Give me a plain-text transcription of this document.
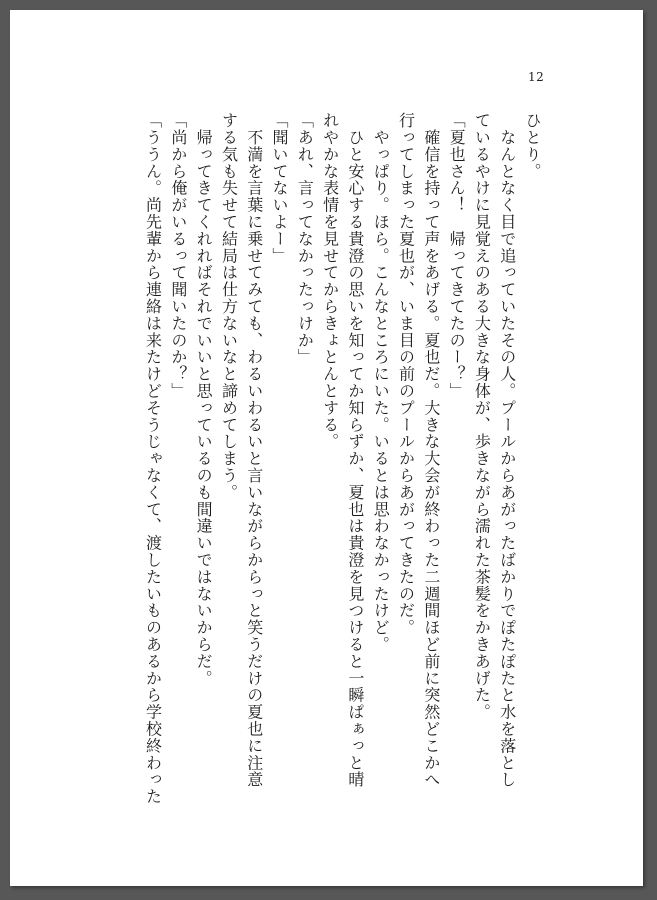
12
ひとり。
　なんとなく目で追っていたその人。プールからあがったばかりでぽたぽたと水を落とし
ているやけに見覚えのある大きな身体が、歩きながら濡れた茶髪をかきあげた。
「夏也さん！　帰ってきてたのー？」
　確信を持って声をあげる。夏也だ。大きな大会が終わった二週間ほど前に突然どこかへ
行ってしまった夏也が、いま目の前のプールからあがってきたのだ。
　やっぱり。ほら。こんなところにいた。いるとは思わなかったけど。
　ひと安心する貴澄の思いを知ってか知らずか、夏也は貴澄を見つけると一瞬ぱぁっと晴
れやかな表情を見せてからきょとんとする。
「あれ、言ってなかったっけか」
「聞いてないよー」
　不満を言葉に乗せてみても、わるいわるいと言いながらからっと笑うだけの夏也に注意
する気も失せて結局は仕方ないなと諦めてしまう。
　帰ってきてくれればそれでいいと思っているのも間違いではないからだ。
「尚から俺がいるって聞いたのか？」
「ううん。尚先輩から連絡は来たけどそうじゃなくて、渡したいものあるから学校終わった
